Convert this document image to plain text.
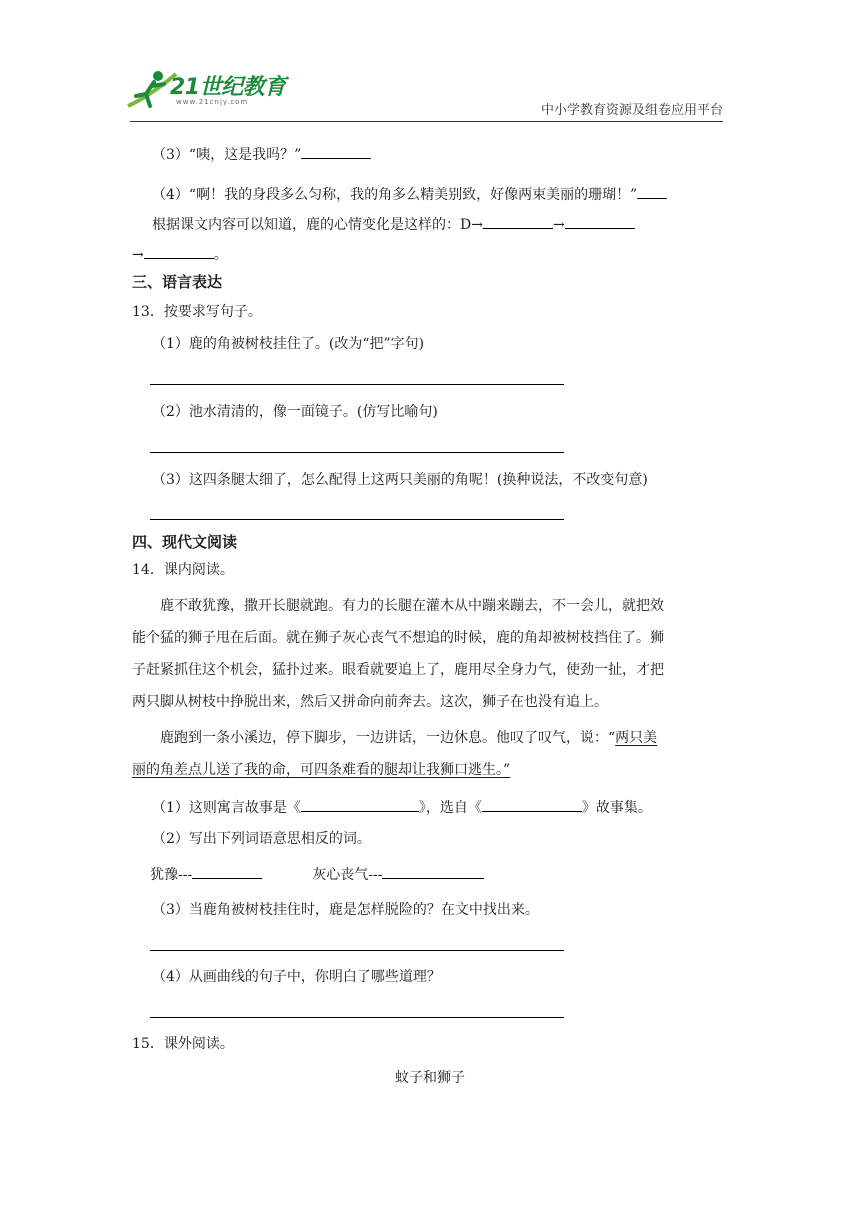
21世纪教育
www.21cnjy.com
中小学教育资源及组卷应用平台
（3）“咦，这是我吗？”
（4）“啊！我的身段多么匀称，我的角多么精美别致，好像两束美丽的珊瑚！”
根据课文内容可以知道，鹿的心情变化是这样的：D→	→
→	。
三、语言表达
13．按要求写句子。
（1）鹿的角被树枝挂住了。(改为“把”字句)
（2）池水清清的，像一面镜子。(仿写比喻句)
（3）这四条腿太细了，怎么配得上这两只美丽的角呢！(换种说法，不改变句意)
四、现代文阅读
14．课内阅读。
鹿不敢犹豫，撒开长腿就跑。有力的长腿在灌木从中蹦来蹦去，不一会儿，就把效
能个猛的狮子甩在后面。就在狮子灰心丧气不想追的时候，鹿的角却被树枝挡住了。狮
子赶紧抓住这个机会，猛扑过来。眼看就要追上了，鹿用尽全身力气，使劲一扯，才把
两只脚从树枝中挣脱出来，然后又拼命向前奔去。这次，狮子在也没有追上。
鹿跑到一条小溪边，停下脚步，一边讲话，一边休息。他叹了叹气，说：“两只美
丽的角差点儿送了我的命，可四条难看的腿却让我狮口逃生。”
（1）这则寓言故事是《	》，选自《	》故事集。
（2）写出下列词语意思相反的词。
犹豫---	灰心丧气---
（3）当鹿角被树枝挂住时，鹿是怎样脱险的？在文中找出来。
（4）从画曲线的句子中，你明白了哪些道理？
15．课外阅读。
蚊子和狮子
